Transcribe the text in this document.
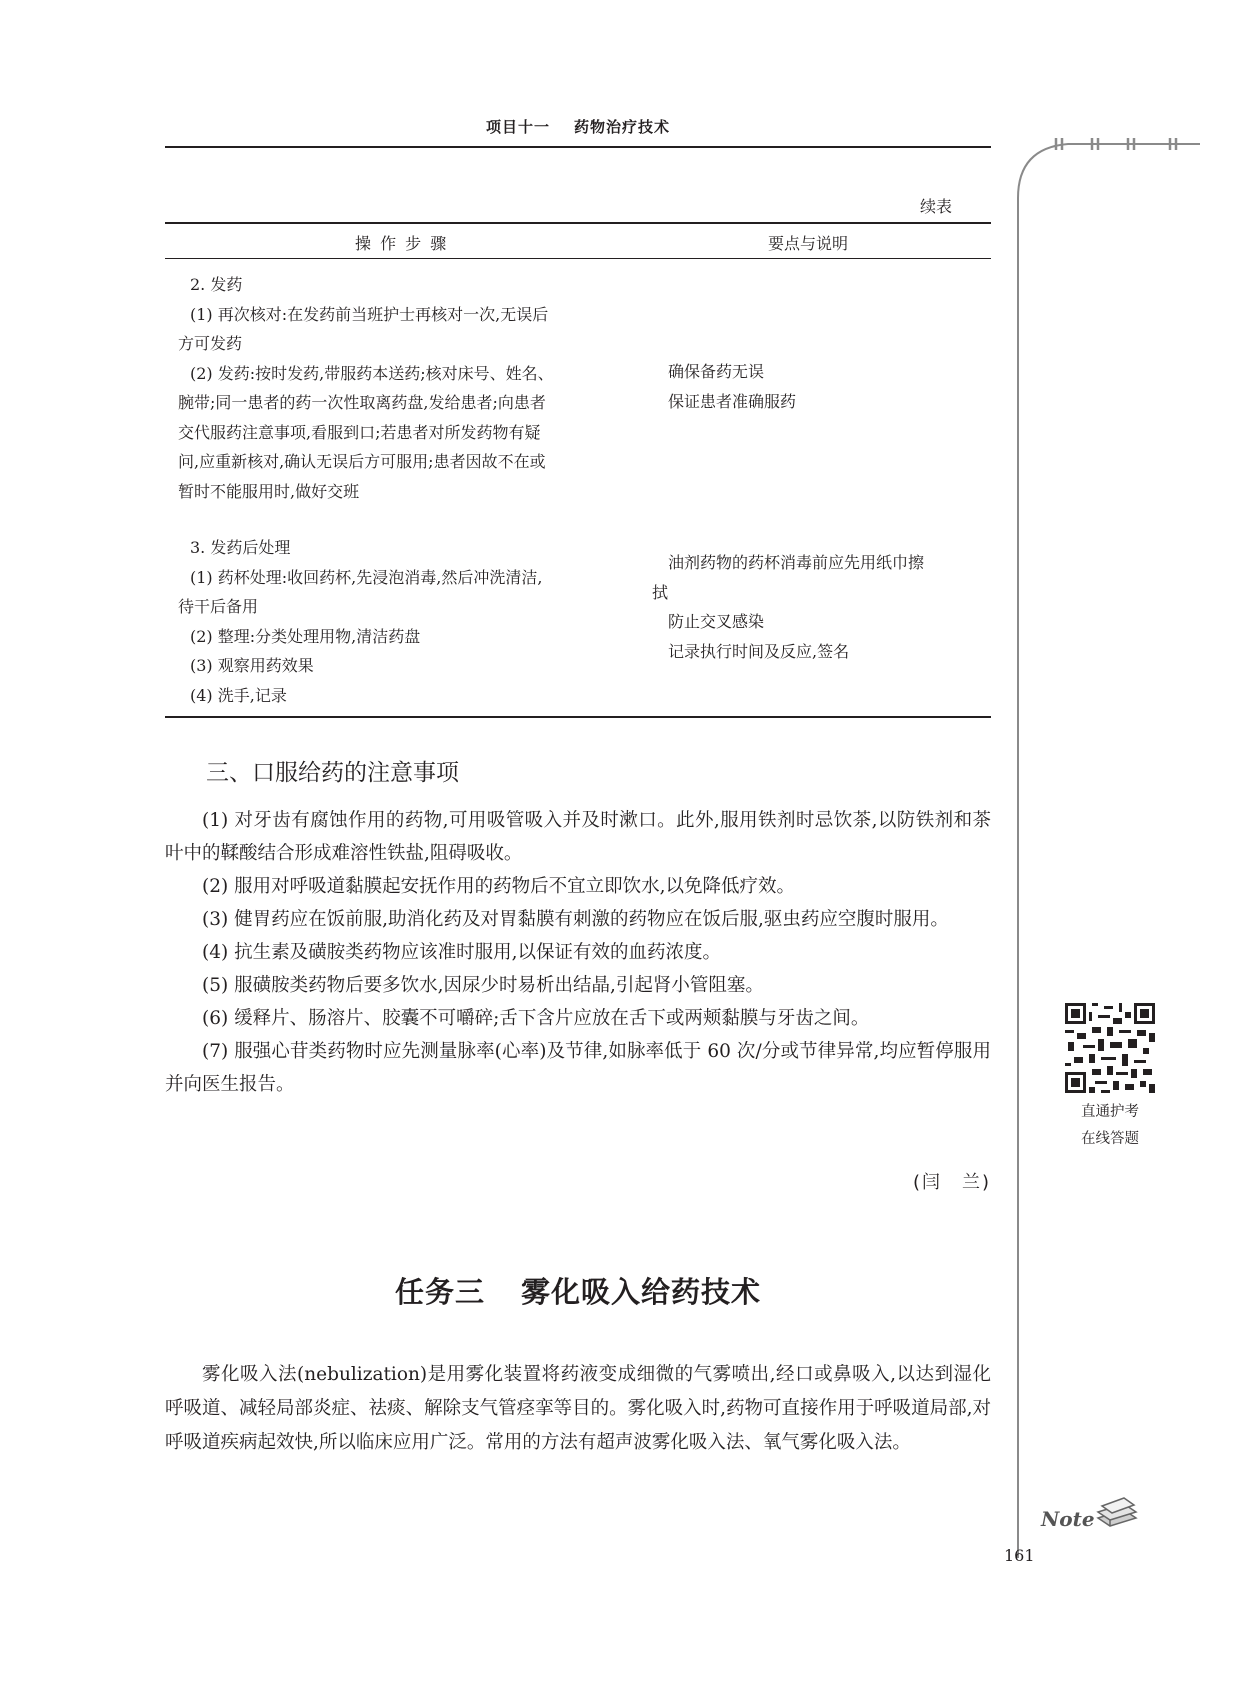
项目十一 药物治疗技术
续表
操 作 步 骤	要点与说明

2. 发药

(1) 再次核对:在发药前当班护士再核对一次,无误后

方可发药

(2) 发药:按时发药,带服药本送药;核对床号、姓名、

腕带;同一患者的药一次性取离药盘,发给患者;向患者

交代服药注意事项,看服到口;若患者对所发药物有疑

问,应重新核对,确认无误后方可服用;患者因故不在或

暂时不能服用时,做好交班

确保备药无误

保证患者准确服药

3. 发药后处理

(1) 药杯处理:收回药杯,先浸泡消毒,然后冲洗清洁,

待干后备用

(2) 整理:分类处理用物,清洁药盘

(3) 观察用药效果

(4) 洗手,记录

油剂药物的药杯消毒前应先用纸巾擦

拭

防止交叉感染

记录执行时间及反应,签名

三、口服给药的注意事项

(1) 对牙齿有腐蚀作用的药物,可用吸管吸入并及时漱口。此外,服用铁剂时忌饮茶,以防铁剂和茶叶中的鞣酸结合形成难溶性铁盐,阻碍吸收。

(2) 服用对呼吸道黏膜起安抚作用的药物后不宜立即饮水,以免降低疗效。

(3) 健胃药应在饭前服,助消化药及对胃黏膜有刺激的药物应在饭后服,驱虫药应空腹时服用。

(4) 抗生素及磺胺类药物应该准时服用,以保证有效的血药浓度。

(5) 服磺胺类药物后要多饮水,因尿少时易析出结晶,引起肾小管阻塞。

(6) 缓释片、肠溶片、胶囊不可嚼碎;舌下含片应放在舌下或两颊黏膜与牙齿之间。

(7) 服强心苷类药物时应先测量脉率(心率)及节律,如脉率低于 60 次/分或节律异常,均应暂停服用并向医生报告。

(闫　兰)
任务三 雾化吸入给药技术

雾化吸入法(nebulization)是用雾化装置将药液变成细微的气雾喷出,经口或鼻吸入,以达到湿化呼吸道、减轻局部炎症、祛痰、解除支气管痉挛等目的。雾化吸入时,药物可直接作用于呼吸道局部,对呼吸道疾病起效快,所以临床应用广泛。常用的方法有超声波雾化吸入法、氧气雾化吸入法。

直通护考
在线答题
Note
161
